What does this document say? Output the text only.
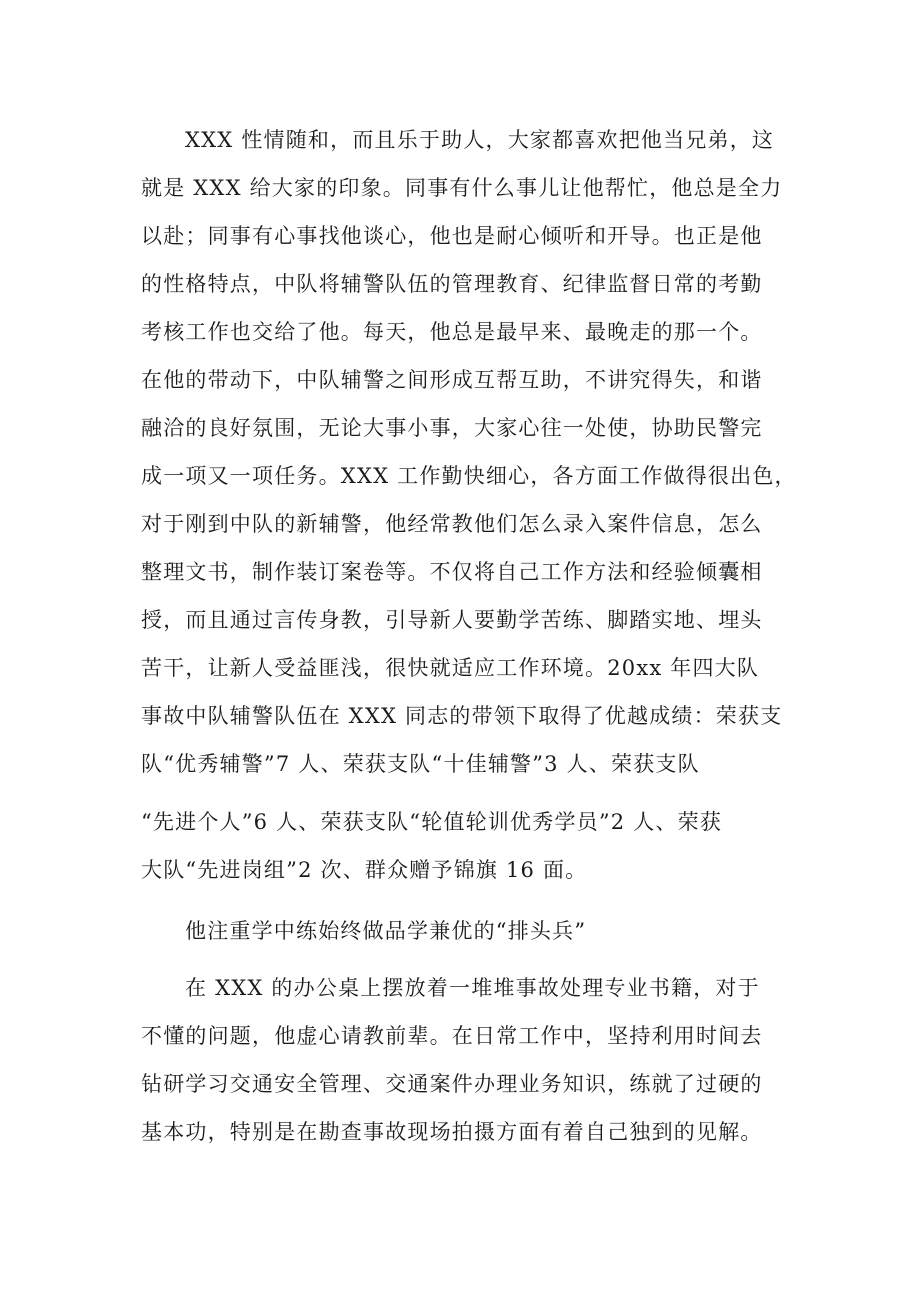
XXX 性情随和，而且乐于助人，大家都喜欢把他当兄弟，这
就是 XXX 给大家的印象。同事有什么事儿让他帮忙，他总是全力
以赴；同事有心事找他谈心，他也是耐心倾听和开导。也正是他
的性格特点，中队将辅警队伍的管理教育、纪律监督日常的考勤
考核工作也交给了他。每天，他总是最早来、最晚走的那一个。
在他的带动下，中队辅警之间形成互帮互助，不讲究得失，和谐
融洽的良好氛围，无论大事小事，大家心往一处使，协助民警完
成一项又一项任务。XXX 工作勤快细心，各方面工作做得很出色，
对于刚到中队的新辅警，他经常教他们怎么录入案件信息，怎么
整理文书，制作装订案卷等。不仅将自己工作方法和经验倾囊相
授，而且通过言传身教，引导新人要勤学苦练、脚踏实地、埋头
苦干，让新人受益匪浅，很快就适应工作环境。20xx 年四大队
事故中队辅警队伍在 XXX 同志的带领下取得了优越成绩：荣获支
队“优秀辅警”7 人、荣获支队“十佳辅警”3 人、荣获支队
“先进个人”6 人、荣获支队“轮值轮训优秀学员”2 人、荣获
大队“先进岗组”2 次、群众赠予锦旗 16 面。
他注重学中练始终做品学兼优的“排头兵”
在 XXX 的办公桌上摆放着一堆堆事故处理专业书籍，对于
不懂的问题，他虚心请教前辈。在日常工作中，坚持利用时间去
钻研学习交通安全管理、交通案件办理业务知识，练就了过硬的
基本功，特别是在勘查事故现场拍摄方面有着自己独到的见解。
